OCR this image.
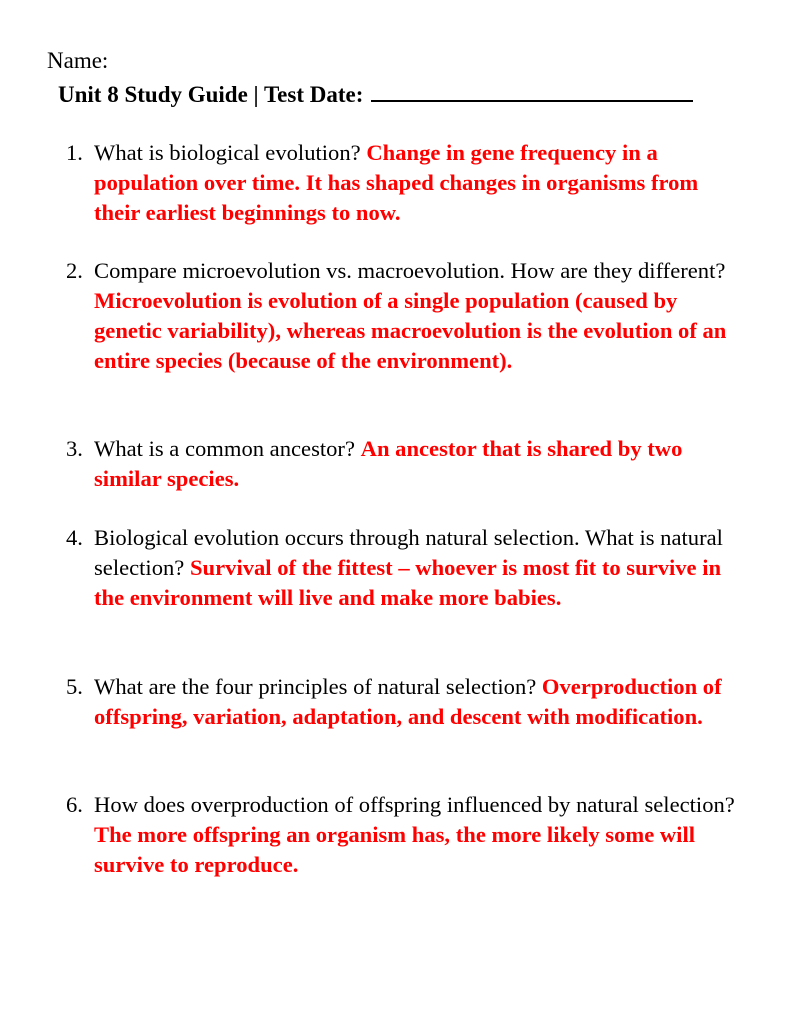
Name:
Unit 8 Study Guide | Test Date:
1. What is biological evolution? Change in gene frequency in a population over time. It has shaped changes in organisms from their earliest beginnings to now.
2. Compare microevolution vs. macroevolution. How are they different? Microevolution is evolution of a single population (caused by genetic variability), whereas macroevolution is the evolution of an entire species (because of the environment).
3. What is a common ancestor? An ancestor that is shared by two similar species.
4. Biological evolution occurs through natural selection. What is natural selection? Survival of the fittest – whoever is most fit to survive in the environment will live and make more babies.
5. What are the four principles of natural selection? Overproduction of offspring, variation, adaptation, and descent with modification.
6. How does overproduction of offspring influenced by natural selection? The more offspring an organism has, the more likely some will survive to reproduce.
